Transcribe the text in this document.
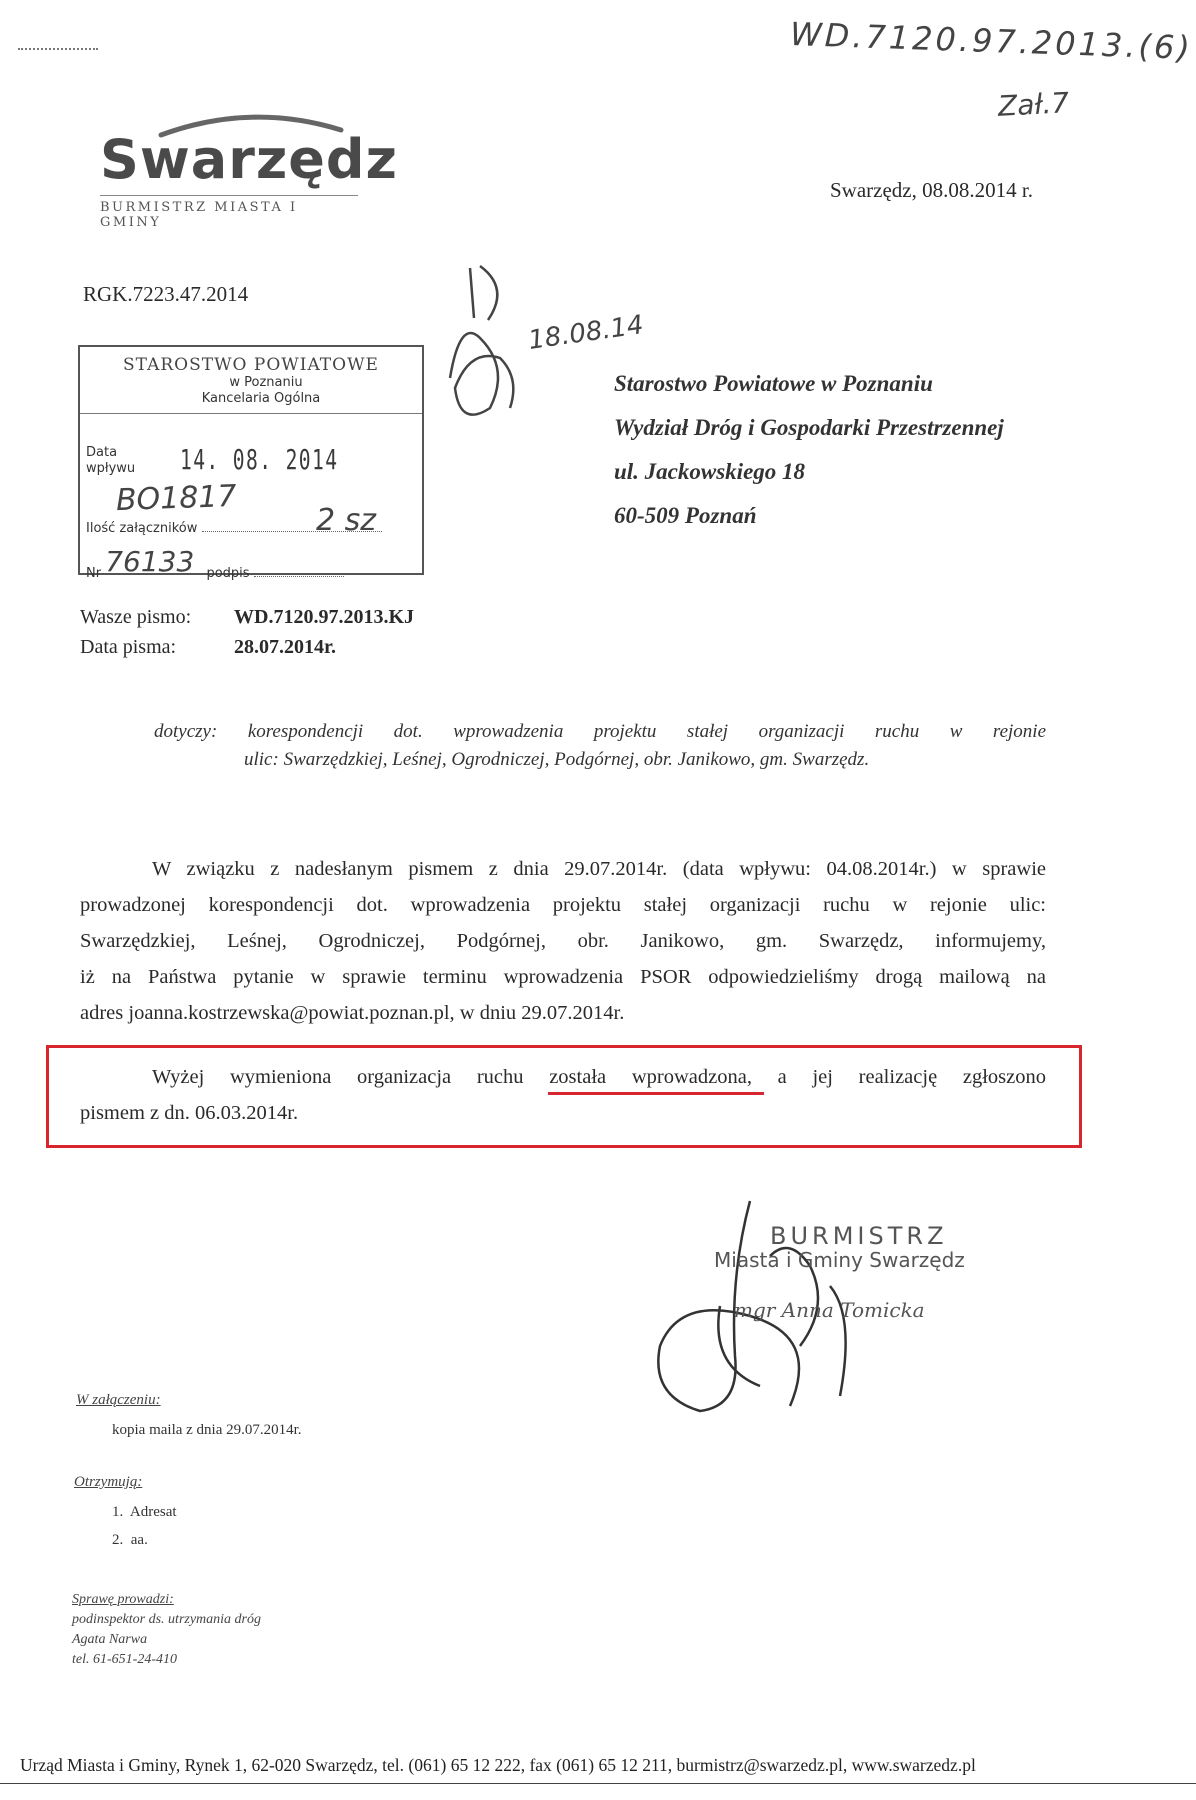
WD.7120.97.2013.(6)
Zał.7
Swarzędz
BURMISTRZ MIASTA I GMINY
Swarzędz, 08.08.2014 r.
RGK.7223.47.2014
STAROSTWO POWIATOWE
w Poznaniu
Kancelaria Ogólna
Data wpływu 14. 08. 2014
BO1817
Ilość załączników	2 sz
Nr 76133 podpis
18.08.14
Starostwo Powiatowe w Poznaniu
Wydział Dróg i Gospodarki Przestrzennej
ul. Jackowskiego 18
60-509 Poznań
Wasze pismo: WD.7120.97.2013.KJ
Data pisma:	28.07.2014r.
dotyczy: korespondencji dot. wprowadzenia projektu stałej organizacji ruchu w rejonie
ulic: Swarzędzkiej, Leśnej, Ogrodniczej, Podgórnej, obr. Janikowo, gm. Swarzędz.
W związku z nadesłanym pismem z dnia 29.07.2014r. (data wpływu: 04.08.2014r.) w sprawie
prowadzonej korespondencji dot. wprowadzenia projektu stałej organizacji ruchu w rejonie ulic:
Swarzędzkiej, Leśnej, Ogrodniczej, Podgórnej, obr. Janikowo, gm. Swarzędz, informujemy,
iż na Państwa pytanie w sprawie terminu wprowadzenia PSOR odpowiedzieliśmy drogą mailową na
adres joanna.kostrzewska@powiat.poznan.pl, w dniu 29.07.2014r.
Wyżej wymieniona organizacja ruchu została wprowadzona, a jej realizację zgłoszono
pismem z dn. 06.03.2014r.
BURMISTRZ
Miasta i Gminy Swarzędz
mgr Anna Tomicka
W załączeniu:
kopia maila z dnia 29.07.2014r.
Otrzymują:
1.  Adresat
2.  aa.
Sprawę prowadzi:
podinspektor ds. utrzymania dróg
Agata Narwa
tel. 61-651-24-410
Urząd Miasta i Gminy, Rynek 1, 62-020 Swarzędz, tel. (061) 65 12 222, fax (061) 65 12 211, burmistrz@swarzedz.pl, www.swarzedz.pl
